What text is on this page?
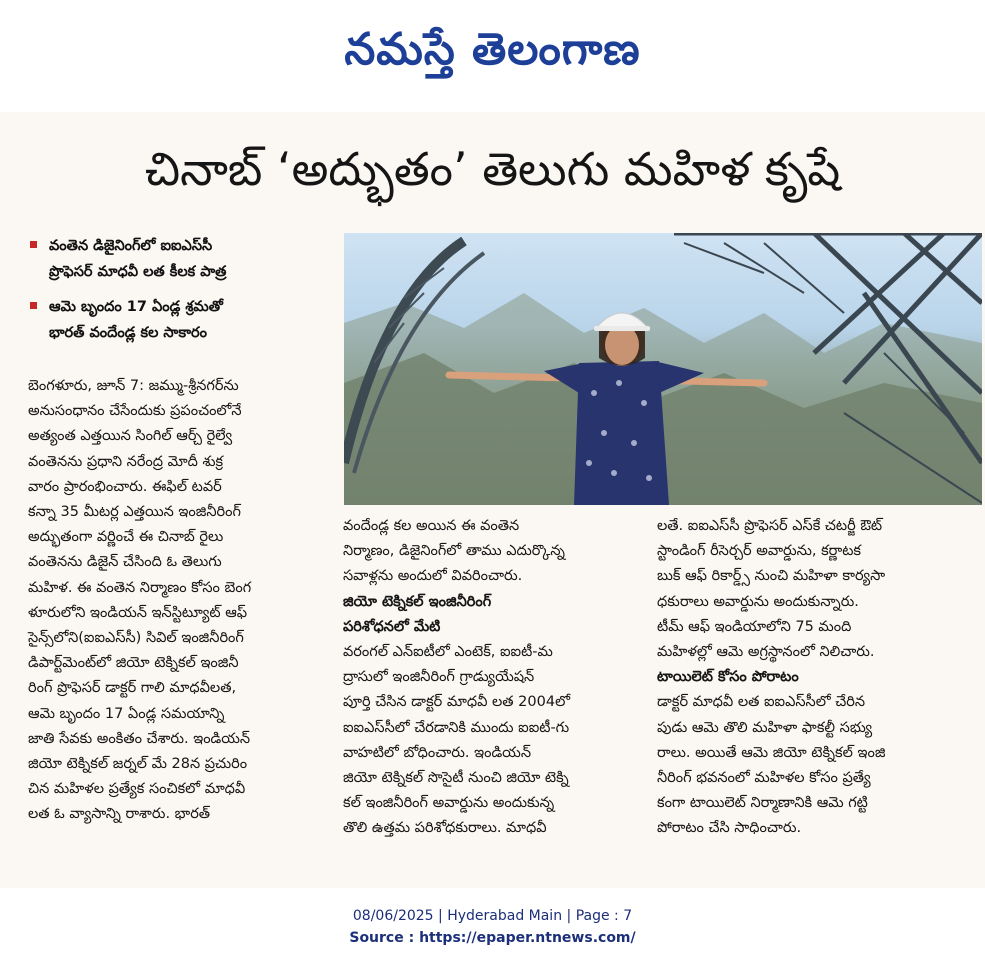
నమస్తే తెలంగాణ
చినాబ్ ‘అద్భుతం’ తెలుగు మహిళ కృషే
వంతెన డిజైనింగ్‌లో ఐఐఎస్‌సీ
ప్రొఫెసర్ మాధవీ లత కీలక పాత్ర
ఆమె బృందం 17 ఏండ్ల శ్రమతో
భారత్ వందేండ్ల కల సాకారం

బెంగళూరు, జూన్ 7: జమ్ము-శ్రీనగర్‌ను

అనుసంధానం చేసేందుకు ప్రపంచంలోనే

అత్యంత ఎత్తయిన సింగిల్ ఆర్చ్ రైల్వే

వంతెనను ప్రధాని నరేంద్ర మోదీ శుక్ర

వారం ప్రారంభించారు. ఈఫిల్ టవర్

కన్నా 35 మీటర్ల ఎత్తయిన ఇంజినీరింగ్

అద్భుతంగా వర్ణించే ఈ చినాబ్ రైలు

వంతెనను డిజైన్ చేసింది ఓ తెలుగు

మహిళ. ఈ వంతెన నిర్మాణం కోసం బెంగ

ళూరులోని ఇండియన్ ఇన్‌స్టిట్యూట్ ఆఫ్

సైన్స్‌లోని(ఐఐఎస్‌సీ) సివిల్ ఇంజినీరింగ్

డిపార్ట్‌మెంట్‌లో జియో టెక్నికల్ ఇంజినీ

రింగ్ ప్రొఫెసర్ డాక్టర్ గాలి మాధవీలత,

ఆమె బృందం 17 ఏండ్ల సమయాన్ని

జాతి సేవకు అంకితం చేశారు. ఇండియన్

జియో టెక్నికల్ జర్నల్ మే 28న ప్రచురిం

చిన మహిళల ప్రత్యేక సంచికలో మాధవీ

లత ఓ వ్యాసాన్ని రాశారు. భారత్

వందేండ్ల కల అయిన ఈ వంతెన

నిర్మాణం, డిజైనింగ్‌లో తాము ఎదుర్కొన్న

సవాళ్లను అందులో వివరించారు.

జియో టెక్నికల్ ఇంజినీరింగ్

పరిశోధనలో మేటి

వరంగల్ ఎన్ఐటీలో ఎంటెక్, ఐఐటీ-మ

ద్రాసులో ఇంజినీరింగ్ గ్రాడ్యుయేషన్

పూర్తి చేసిన డాక్టర్ మాధవీ లత 2004లో

ఐఐఎస్‌సీలో చేరడానికి ముందు ఐఐటీ-గు

వాహటిలో బోధించారు. ఇండియన్

జియో టెక్నికల్ సొసైటీ నుంచి జియో టెక్ని

కల్ ఇంజినీరింగ్ అవార్డును అందుకున్న

తొలి ఉత్తమ పరిశోధకురాలు. మాధవీ

లతే. ఐఐఎస్‌సీ ప్రొఫెసర్ ఎస్‌కే చటర్జీ ఔట్

స్టాండింగ్ రీసెర్చర్ అవార్డును, కర్ణాటక

బుక్ ఆఫ్ రికార్డ్స్ నుంచి మహిళా కార్యసా

ధకురాలు అవార్డును అందుకున్నారు.

టీమ్ ఆఫ్ ఇండియాలోని 75 మంది

మహిళల్లో ఆమె అగ్రస్థానంలో నిలిచారు.

టాయిలెట్ కోసం పోరాటం

డాక్టర్ మాధవీ లత ఐఐఎస్‌సీలో చేరిన

పుడు ఆమె తొలి మహిళా ఫాకల్టీ సభ్యు

రాలు. అయితే ఆమె జియో టెక్నికల్ ఇంజి

నీరింగ్ భవనంలో మహిళల కోసం ప్రత్యే

కంగా టాయిలెట్ నిర్మాణానికి ఆమె గట్టి

పోరాటం చేసి సాధించారు.

08/06/2025 | Hyderabad Main | Page : 7
Source : https://epaper.ntnews.com/
